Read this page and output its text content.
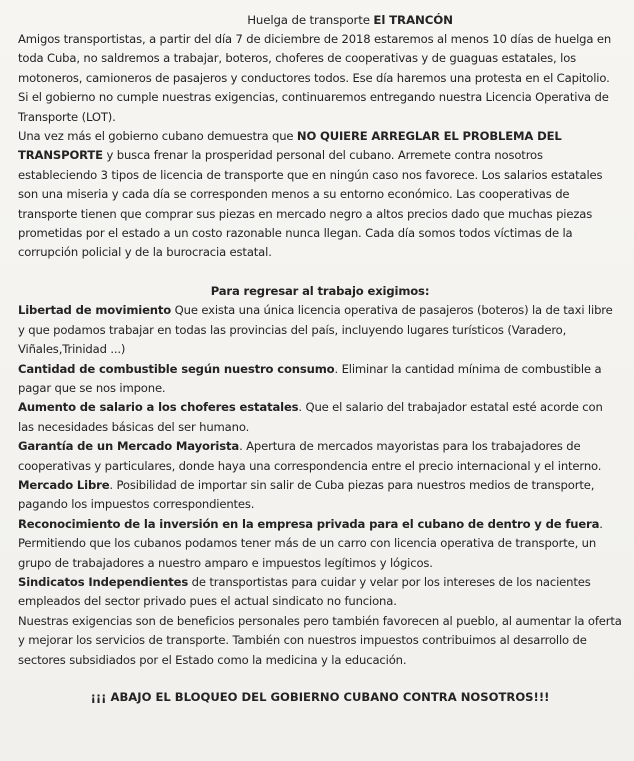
Huelga de transporte El TRANCÓN

Amigos transportistas, a partir del día 7 de diciembre de 2018 estaremos al menos 10 días de huelga en toda Cuba, no saldremos a trabajar, boteros, choferes de cooperativas y de guaguas estatales, los motoneros, camioneros de pasajeros y conductores todos. Ese día haremos una protesta en el Capitolio. Si el gobierno no cumple nuestras exigencias, continuaremos entregando nuestra Licencia Operativa de Transporte (LOT).

Una vez más el gobierno cubano demuestra que NO QUIERE ARREGLAR EL PROBLEMA DEL TRANSPORTE y busca frenar la prosperidad personal del cubano. Arremete contra nosotros estableciendo 3 tipos de licencia de transporte que en ningún caso nos favorece. Los salarios estatales son una miseria y cada día se corresponden menos a su entorno económico. Las cooperativas de transporte tienen que comprar sus piezas en mercado negro a altos precios dado que muchas piezas prometidas por el estado a un costo razonable nunca llegan. Cada día somos todos víctimas de la corrupción policial y de la burocracia estatal.

Para regresar al trabajo exigimos:

Libertad de movimiento Que exista una única licencia operativa de pasajeros (boteros) la de taxi libre y que podamos trabajar en todas las provincias del país, incluyendo lugares turísticos (Varadero, Viñales,Trinidad ...)

Cantidad de combustible según nuestro consumo. Eliminar la cantidad mínima de combustible a pagar que se nos impone.

Aumento de salario a los choferes estatales. Que el salario del trabajador estatal esté acorde con las necesidades básicas del ser humano.

Garantía de un Mercado Mayorista. Apertura de mercados mayoristas para los trabajadores de cooperativas y particulares, donde haya una correspondencia entre el precio internacional y el interno.

Mercado Libre. Posibilidad de importar sin salir de Cuba piezas para nuestros medios de transporte, pagando los impuestos correspondientes.

Reconocimiento de la inversión en la empresa privada para el cubano de dentro y de fuera. Permitiendo que los cubanos podamos tener más de un carro con licencia operativa de transporte, un grupo de trabajadores a nuestro amparo e impuestos legítimos y lógicos.

Sindicatos Independientes de transportistas para cuidar y velar por los intereses de los nacientes empleados del sector privado pues el actual sindicato no funciona.

Nuestras exigencias son de beneficios personales pero también favorecen al pueblo, al aumentar la oferta y mejorar los servicios de transporte. También con nuestros impuestos contribuimos al desarrollo de sectores subsidiados por el Estado como la medicina y la educación.

¡¡¡ ABAJO EL BLOQUEO DEL GOBIERNO CUBANO CONTRA NOSOTROS!!!
